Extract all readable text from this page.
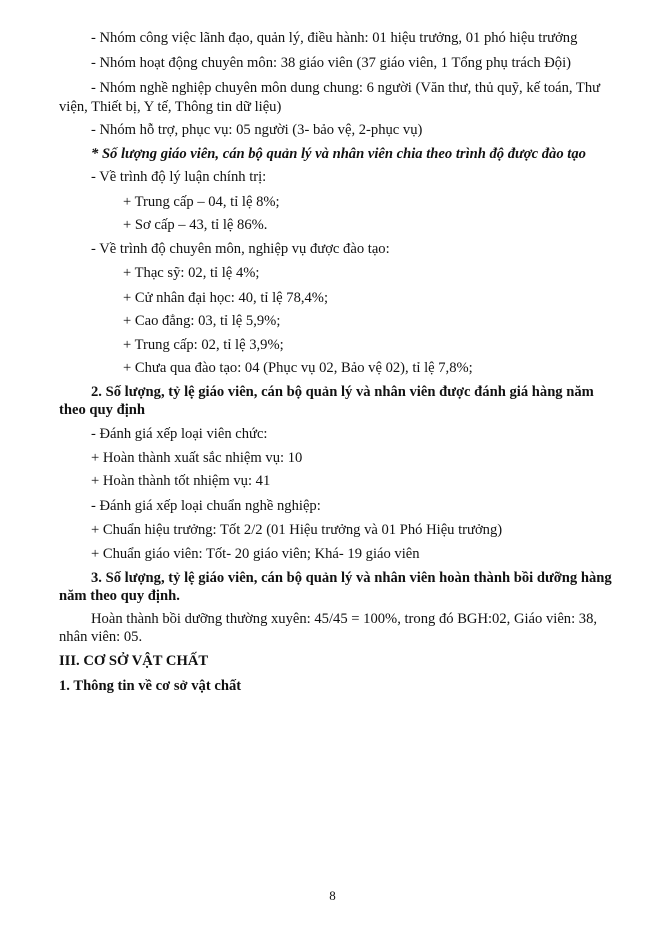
- Nhóm công việc lãnh đạo, quản lý, điều hành: 01 hiệu trưởng, 01 phó hiệu trưởng
- Nhóm hoạt động chuyên môn: 38 giáo viên (37 giáo viên, 1 Tổng phụ trách Đội)
- Nhóm nghề nghiệp chuyên môn dung chung: 6 người (Văn thư, thủ quỹ, kế toán, Thư
viện, Thiết bị, Y tế, Thông tin dữ liệu)
- Nhóm hỗ trợ, phục vụ: 05 người (3- bảo vệ, 2-phục vụ)
* Số lượng giáo viên, cán bộ quản lý và nhân viên chia theo trình độ được đào tạo
- Về trình độ lý luận chính trị:
+ Trung cấp – 04, tỉ lệ 8%;
+ Sơ cấp – 43, tỉ lệ 86%.
- Về trình độ chuyên môn, nghiệp vụ được đào tạo:
+ Thạc sỹ: 02, tỉ lệ 4%;
+ Cử nhân đại học: 40, tỉ lệ 78,4%;
+ Cao đẳng: 03, tỉ lệ 5,9%;
+ Trung cấp: 02, tỉ lệ 3,9%;
+ Chưa qua đào tạo: 04 (Phục vụ 02, Bảo vệ 02), tỉ lệ 7,8%;
2. Số lượng, tỷ lệ giáo viên, cán bộ quản lý và nhân viên được đánh giá hàng năm
theo quy định
- Đánh giá xếp loại viên chức:
+ Hoàn thành xuất sắc nhiệm vụ: 10
+ Hoàn thành tốt nhiệm vụ: 41
- Đánh giá xếp loại chuẩn nghề nghiệp:
+ Chuẩn hiệu trưởng: Tốt 2/2 (01 Hiệu trưởng và 01 Phó Hiệu trưởng)
+ Chuẩn giáo viên: Tốt- 20 giáo viên; Khá- 19 giáo viên
3. Số lượng, tỷ lệ giáo viên, cán bộ quản lý và nhân viên hoàn thành bồi dưỡng hàng
năm theo quy định.
Hoàn thành bồi dưỡng thường xuyên: 45/45 = 100%, trong đó BGH:02, Giáo viên: 38,
nhân viên: 05.
III. CƠ SỞ VẬT CHẤT
1. Thông tin về cơ sở vật chất
8
